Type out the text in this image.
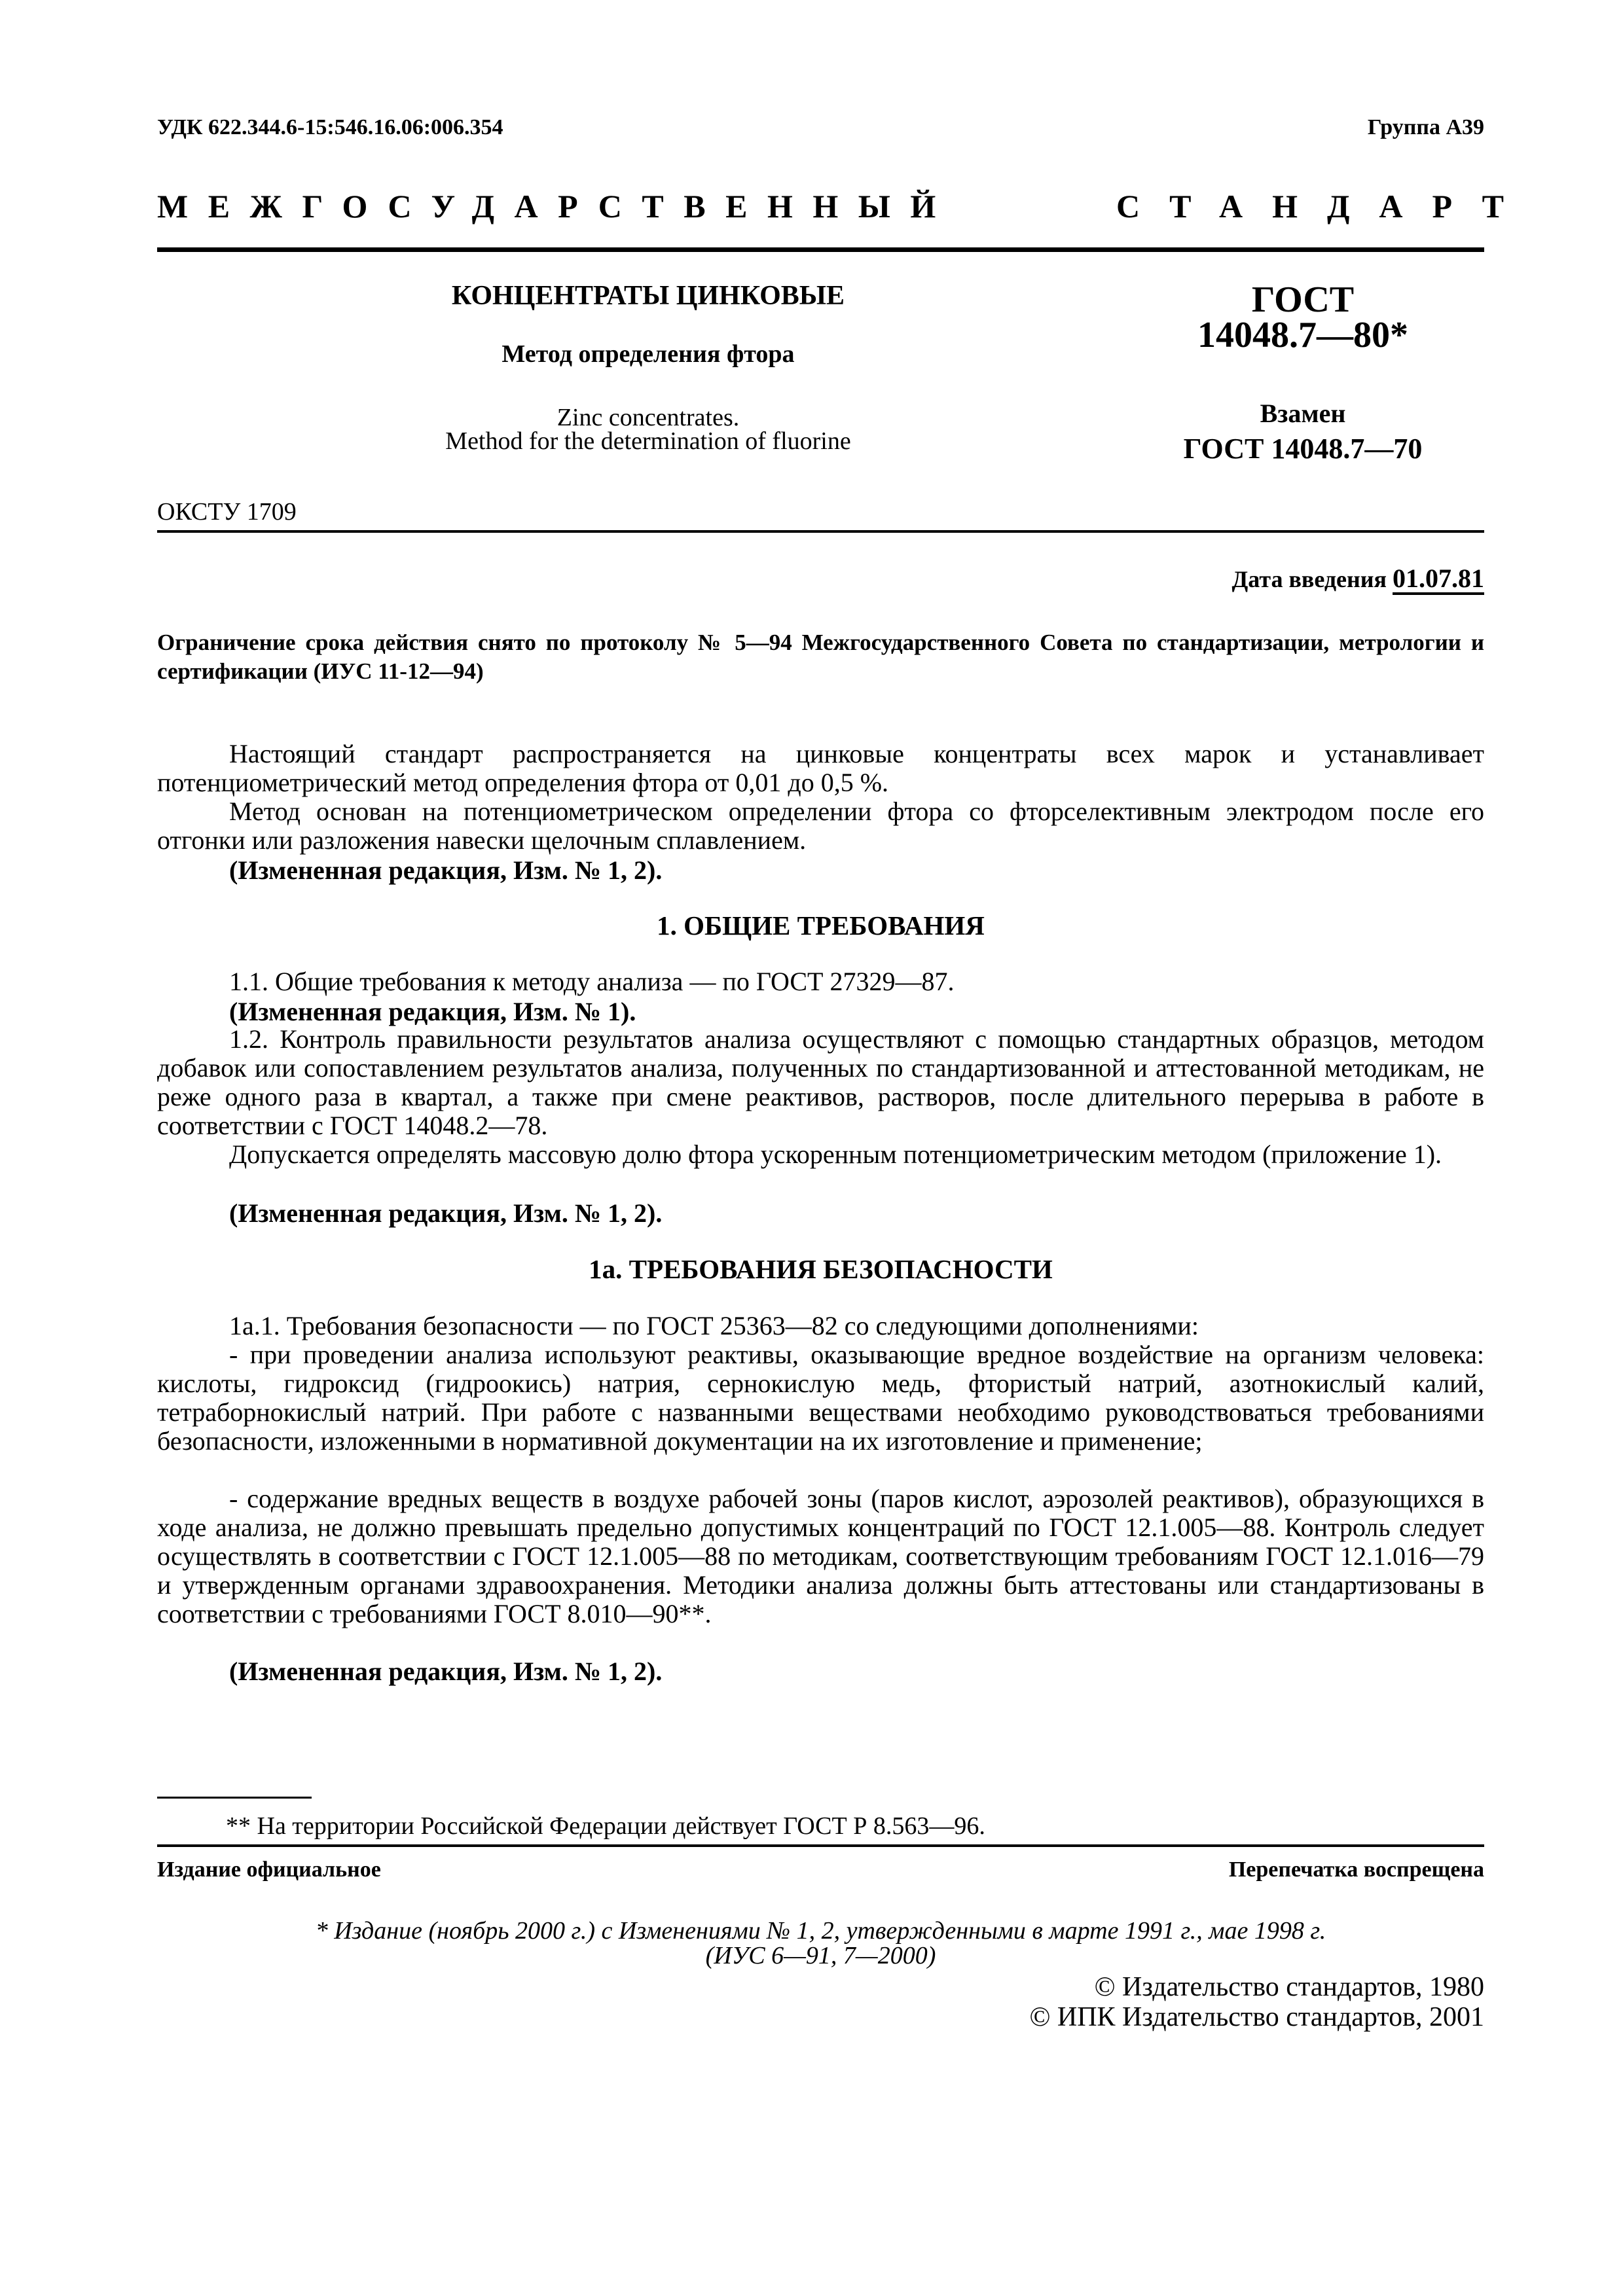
УДК 622.344.6-15:546.16.06:006.354	Группа А39
МЕЖГОСУДАРСТВЕННЫЙ	СТАНДАРТ
КОНЦЕНТРАТЫ ЦИНКОВЫЕ
Метод определения фтора
Zinc concentrates.
Method for the determination of fluorine
ГОСТ
14048.7—80*
Взамен
ГОСТ 14048.7—70
ОКСТУ 1709
Дата введения 01.07.81
Ограничение срока действия снято по протоколу № 5—94 Межгосударственного Совета по стандартизации, метрологии и сертификации (ИУС 11-12—94)
Настоящий стандарт распространяется на цинковые концентраты всех марок и устанавливает потенциометрический метод определения фтора от 0,01 до 0,5 %.
Метод основан на потенциометрическом определении фтора со фторселективным электродом после его отгонки или разложения навески щелочным сплавлением.
(Измененная редакция, Изм. № 1, 2).
1. ОБЩИЕ ТРЕБОВАНИЯ
1.1. Общие требования к методу анализа — по ГОСТ 27329—87.
(Измененная редакция, Изм. № 1).
1.2. Контроль правильности результатов анализа осуществляют с помощью стандартных образцов, методом добавок или сопоставлением результатов анализа, полученных по стандартизованной и аттестованной методикам, не реже одного раза в квартал, а также при смене реактивов, растворов, после длительного перерыва в работе в соответствии с ГОСТ 14048.2—78.
Допускается определять массовую долю фтора ускоренным потенциометрическим методом (приложение 1).
(Измененная редакция, Изм. № 1, 2).
1а. ТРЕБОВАНИЯ БЕЗОПАСНОСТИ
1а.1. Требования безопасности — по ГОСТ 25363—82 со следующими дополнениями:
- при проведении анализа используют реактивы, оказывающие вредное воздействие на организм человека: кислоты, гидроксид (гидроокись) натрия, сернокислую медь, фтористый натрий, азотнокислый калий, тетраборнокислый натрий. При работе с названными веществами необходимо руководствоваться требованиями безопасности, изложенными в нормативной документации на их изготовление и применение;
- содержание вредных веществ в воздухе рабочей зоны (паров кислот, аэрозолей реактивов), образующихся в ходе анализа, не должно превышать предельно допустимых концентраций по ГОСТ 12.1.005—88. Контроль следует осуществлять в соответствии с ГОСТ 12.1.005—88 по методикам, соответствующим требованиям ГОСТ 12.1.016—79 и утвержденным органами здравоохранения. Методики анализа должны быть аттестованы или стандартизованы в соответствии с требованиями ГОСТ 8.010—90**.
(Измененная редакция, Изм. № 1, 2).
** На территории Российской Федерации действует ГОСТ Р 8.563—96.
Издание официальное	Перепечатка воспрещена
* Издание (ноябрь 2000 г.) с Изменениями № 1, 2, утвержденными в марте 1991 г., мае 1998 г.
(ИУС 6—91, 7—2000)
© Издательство стандартов, 1980
© ИПК Издательство стандартов, 2001
